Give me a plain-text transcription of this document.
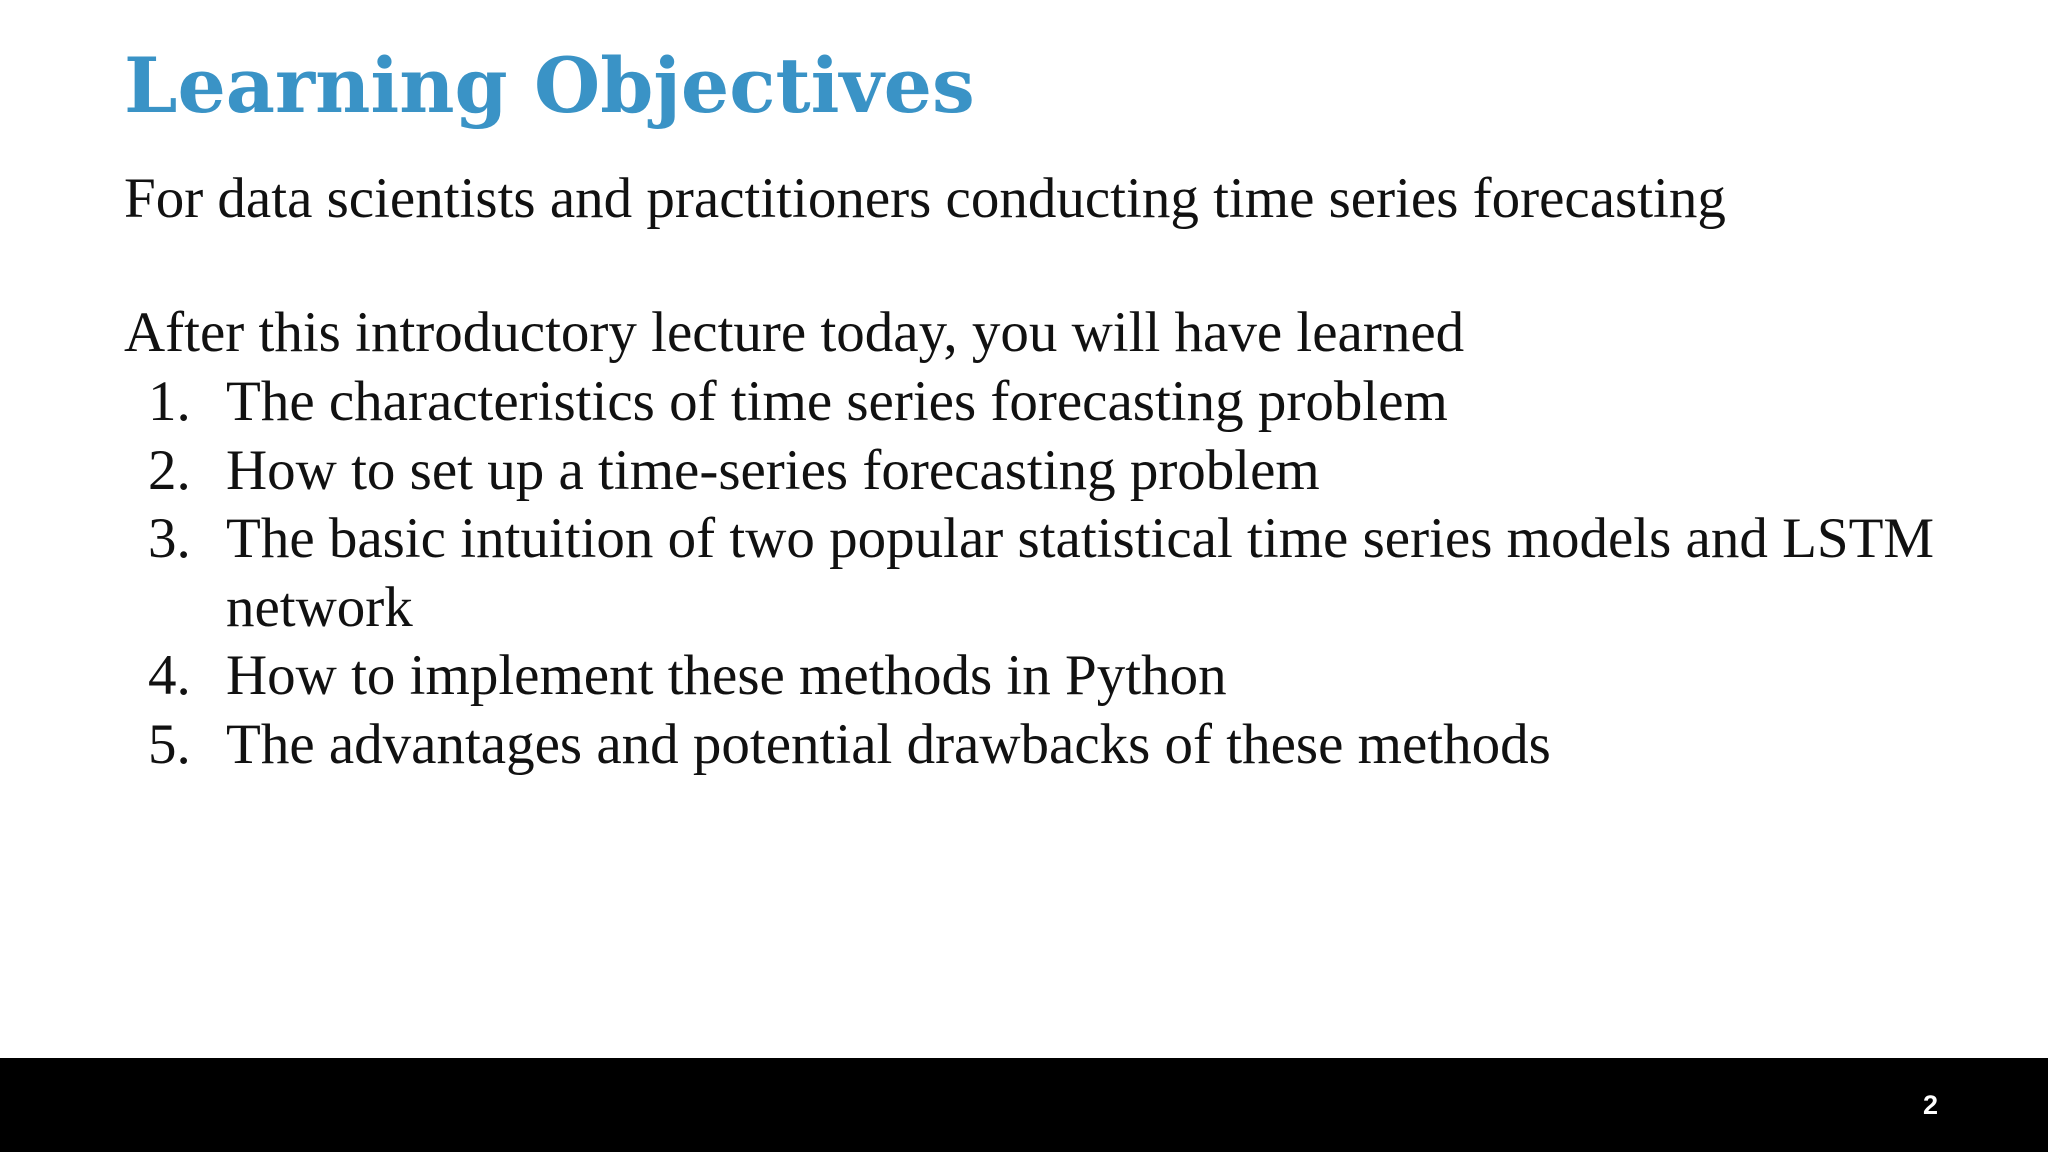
Learning Objectives

For data scientists and practitioners conducting time series forecasting

After this introductory lecture today, you will have learned

1. The characteristics of time series forecasting problem
2. How to set up a time-series forecasting problem
3. The basic intuition of two popular statistical time series models and LSTM network
4. How to implement these methods in Python
5. The advantages and potential drawbacks of these methods
2
